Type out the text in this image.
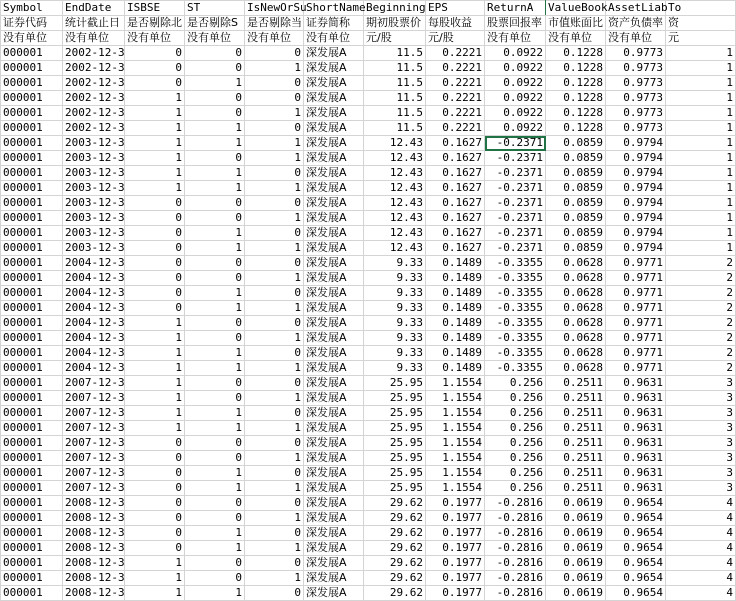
Symbol	EndDate	ISBSE	ST	IsNewOrSu	ShortName	Beginning	EPS	ReturnA	ValueBook	AssetLiab	To
证券代码	统计截止日	是否剔除北	是否剔除S	是否剔除当	证券简称	期初股票价	每股收益	股票回报率	市值账面比	资产负债率	资
没有单位	没有单位	没有单位	没有单位	没有单位	没有单位	元/股	元/股	没有单位	没有单位	没有单位	元
000001	2002-12-3	0	0	0	深发展A	11.5	0.2221	0.0922	0.1228	0.9773	1
000001	2002-12-3	0	0	1	深发展A	11.5	0.2221	0.0922	0.1228	0.9773	1
000001	2002-12-3	0	1	0	深发展A	11.5	0.2221	0.0922	0.1228	0.9773	1
000001	2002-12-3	1	0	0	深发展A	11.5	0.2221	0.0922	0.1228	0.9773	1
000001	2002-12-3	1	0	1	深发展A	11.5	0.2221	0.0922	0.1228	0.9773	1
000001	2002-12-3	1	1	0	深发展A	11.5	0.2221	0.0922	0.1228	0.9773	1
000001	2003-12-3	1	1	1	深发展A	12.43	0.1627	-0.2371	0.0859	0.9794	1
000001	2003-12-3	1	0	1	深发展A	12.43	0.1627	-0.2371	0.0859	0.9794	1
000001	2003-12-3	1	1	0	深发展A	12.43	0.1627	-0.2371	0.0859	0.9794	1
000001	2003-12-3	1	1	1	深发展A	12.43	0.1627	-0.2371	0.0859	0.9794	1
000001	2003-12-3	0	0	0	深发展A	12.43	0.1627	-0.2371	0.0859	0.9794	1
000001	2003-12-3	0	0	1	深发展A	12.43	0.1627	-0.2371	0.0859	0.9794	1
000001	2003-12-3	0	1	0	深发展A	12.43	0.1627	-0.2371	0.0859	0.9794	1
000001	2003-12-3	0	1	1	深发展A	12.43	0.1627	-0.2371	0.0859	0.9794	1
000001	2004-12-3	0	0	0	深发展A	9.33	0.1489	-0.3355	0.0628	0.9771	2
000001	2004-12-3	0	0	1	深发展A	9.33	0.1489	-0.3355	0.0628	0.9771	2
000001	2004-12-3	0	1	0	深发展A	9.33	0.1489	-0.3355	0.0628	0.9771	2
000001	2004-12-3	0	1	1	深发展A	9.33	0.1489	-0.3355	0.0628	0.9771	2
000001	2004-12-3	1	0	0	深发展A	9.33	0.1489	-0.3355	0.0628	0.9771	2
000001	2004-12-3	1	0	1	深发展A	9.33	0.1489	-0.3355	0.0628	0.9771	2
000001	2004-12-3	1	1	0	深发展A	9.33	0.1489	-0.3355	0.0628	0.9771	2
000001	2004-12-3	1	1	1	深发展A	9.33	0.1489	-0.3355	0.0628	0.9771	2
000001	2007-12-3	1	0	0	深发展A	25.95	1.1554	0.256	0.2511	0.9631	3
000001	2007-12-3	1	0	1	深发展A	25.95	1.1554	0.256	0.2511	0.9631	3
000001	2007-12-3	1	1	0	深发展A	25.95	1.1554	0.256	0.2511	0.9631	3
000001	2007-12-3	1	1	1	深发展A	25.95	1.1554	0.256	0.2511	0.9631	3
000001	2007-12-3	0	0	0	深发展A	25.95	1.1554	0.256	0.2511	0.9631	3
000001	2007-12-3	0	0	1	深发展A	25.95	1.1554	0.256	0.2511	0.9631	3
000001	2007-12-3	0	1	0	深发展A	25.95	1.1554	0.256	0.2511	0.9631	3
000001	2007-12-3	0	1	1	深发展A	25.95	1.1554	0.256	0.2511	0.9631	3
000001	2008-12-3	0	0	0	深发展A	29.62	0.1977	-0.2816	0.0619	0.9654	4
000001	2008-12-3	0	0	1	深发展A	29.62	0.1977	-0.2816	0.0619	0.9654	4
000001	2008-12-3	0	1	0	深发展A	29.62	0.1977	-0.2816	0.0619	0.9654	4
000001	2008-12-3	0	1	1	深发展A	29.62	0.1977	-0.2816	0.0619	0.9654	4
000001	2008-12-3	1	0	0	深发展A	29.62	0.1977	-0.2816	0.0619	0.9654	4
000001	2008-12-3	1	0	1	深发展A	29.62	0.1977	-0.2816	0.0619	0.9654	4
000001	2008-12-3	1	1	0	深发展A	29.62	0.1977	-0.2816	0.0619	0.9654	4
